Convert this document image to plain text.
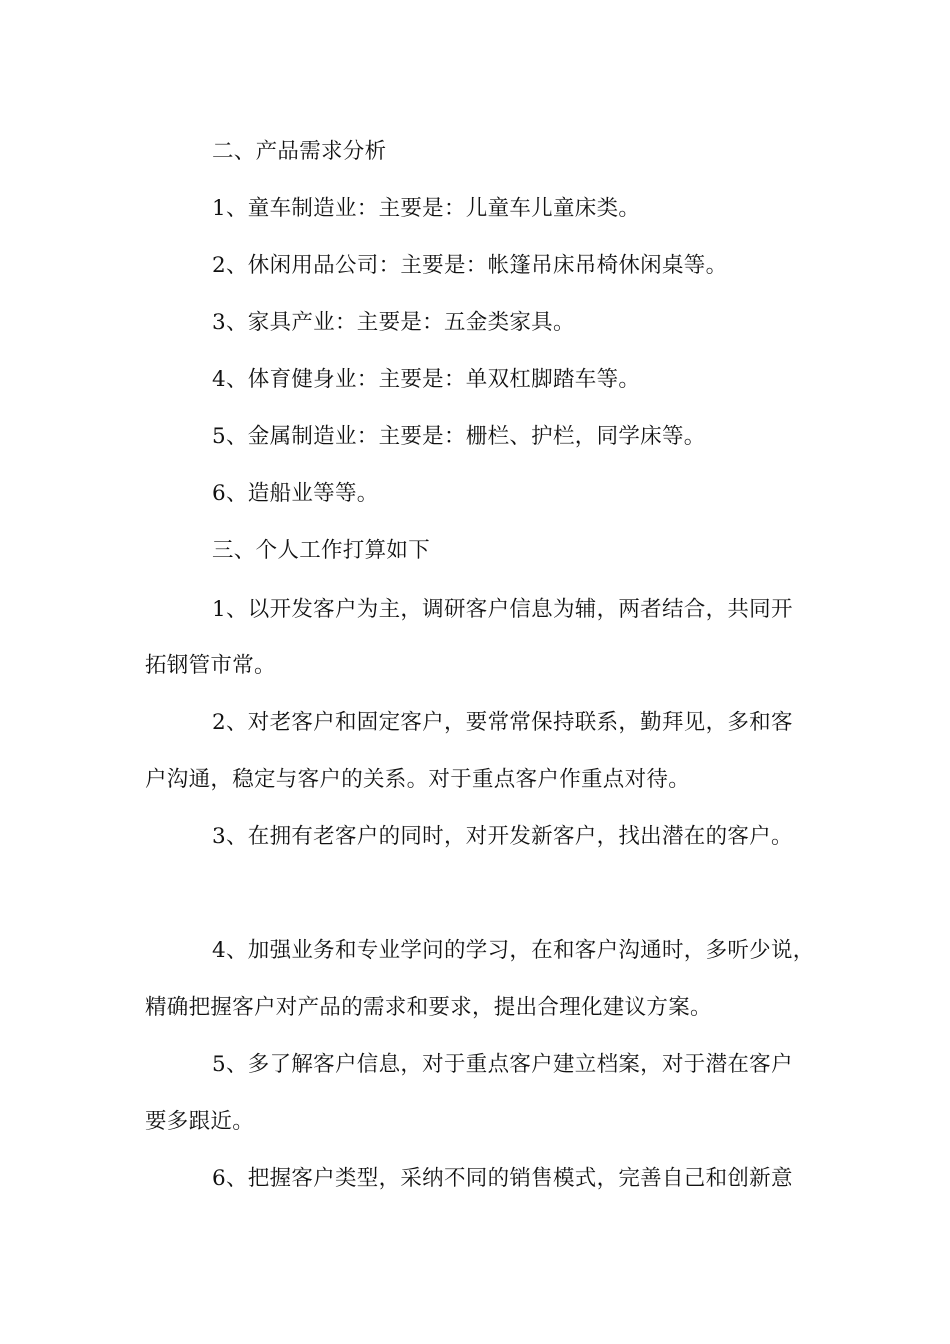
二、产品需求分析
1、童车制造业：主要是：儿童车儿童床类。
2、休闲用品公司：主要是：帐篷吊床吊椅休闲桌等。
3、家具产业：主要是：五金类家具。
4、体育健身业：主要是：单双杠脚踏车等。
5、金属制造业：主要是：栅栏、护栏，同学床等。
6、造船业等等。
三、个人工作打算如下
1、以开发客户为主，调研客户信息为辅，两者结合，共同开
拓钢管市常。
2、对老客户和固定客户，要常常保持联系，勤拜见，多和客
户沟通，稳定与客户的关系。对于重点客户作重点对待。
3、在拥有老客户的同时，对开发新客户，找出潜在的客户。
4、加强业务和专业学问的学习，在和客户沟通时，多听少说，
精确把握客户对产品的需求和要求，提出合理化建议方案。
5、多了解客户信息，对于重点客户建立档案，对于潜在客户
要多跟近。
6、把握客户类型，采纳不同的销售模式，完善自己和创新意
